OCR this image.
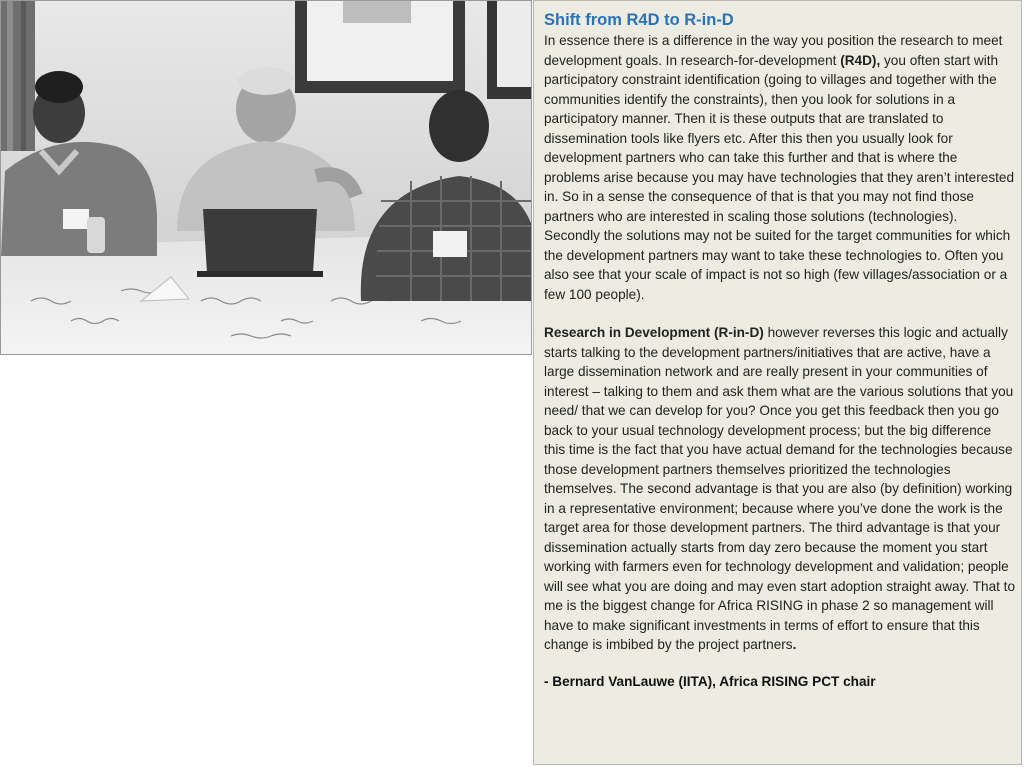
Shift from R4D to R-in-D

In essence there is a difference in the way you position the research to meet development goals. In research-for-development (R4D), you often start with participatory constraint identification (going to villages and together with the communities identify the constraints), then you look for solutions in a participatory manner. Then it is these outputs that are translated to dissemination tools like flyers etc. After this then you usually look for development partners who can take this further and that is where the problems arise because you may have technologies that they aren’t interested in. So in a sense the consequence of that is that you may not find those partners who are interested in scaling those solutions (technologies). Secondly the solutions may not be suited for the target communities for which the development partners may want to take these technologies to. Often you also see that your scale of impact is not so high (few villages/association or a few 100 people).

Research in Development (R-in-D) however reverses this logic and actually starts talking to the development partners/initiatives that are active, have a large dissemination network and are really present in your communities of interest – talking to them and ask them what are the various solutions that you need/ that we can develop for you? Once you get this feedback then you go back to your usual technology development process; but the big difference this time is the fact that you have actual demand for the technologies because those development partners themselves prioritized the technologies themselves. The second advantage is that you are also (by definition) working in a representative environment; because where you’ve done the work is the target area for those development partners. The third advantage is that your dissemination actually starts from day zero because the moment you start working with farmers even for technology development and validation; people will see what you are doing and may even start adoption straight away. That to me is the biggest change for Africa RISING in phase 2 so management will have to make significant investments in terms of effort to ensure that this change is imbibed by the project partners.

- Bernard VanLauwe (IITA), Africa RISING PCT chair
